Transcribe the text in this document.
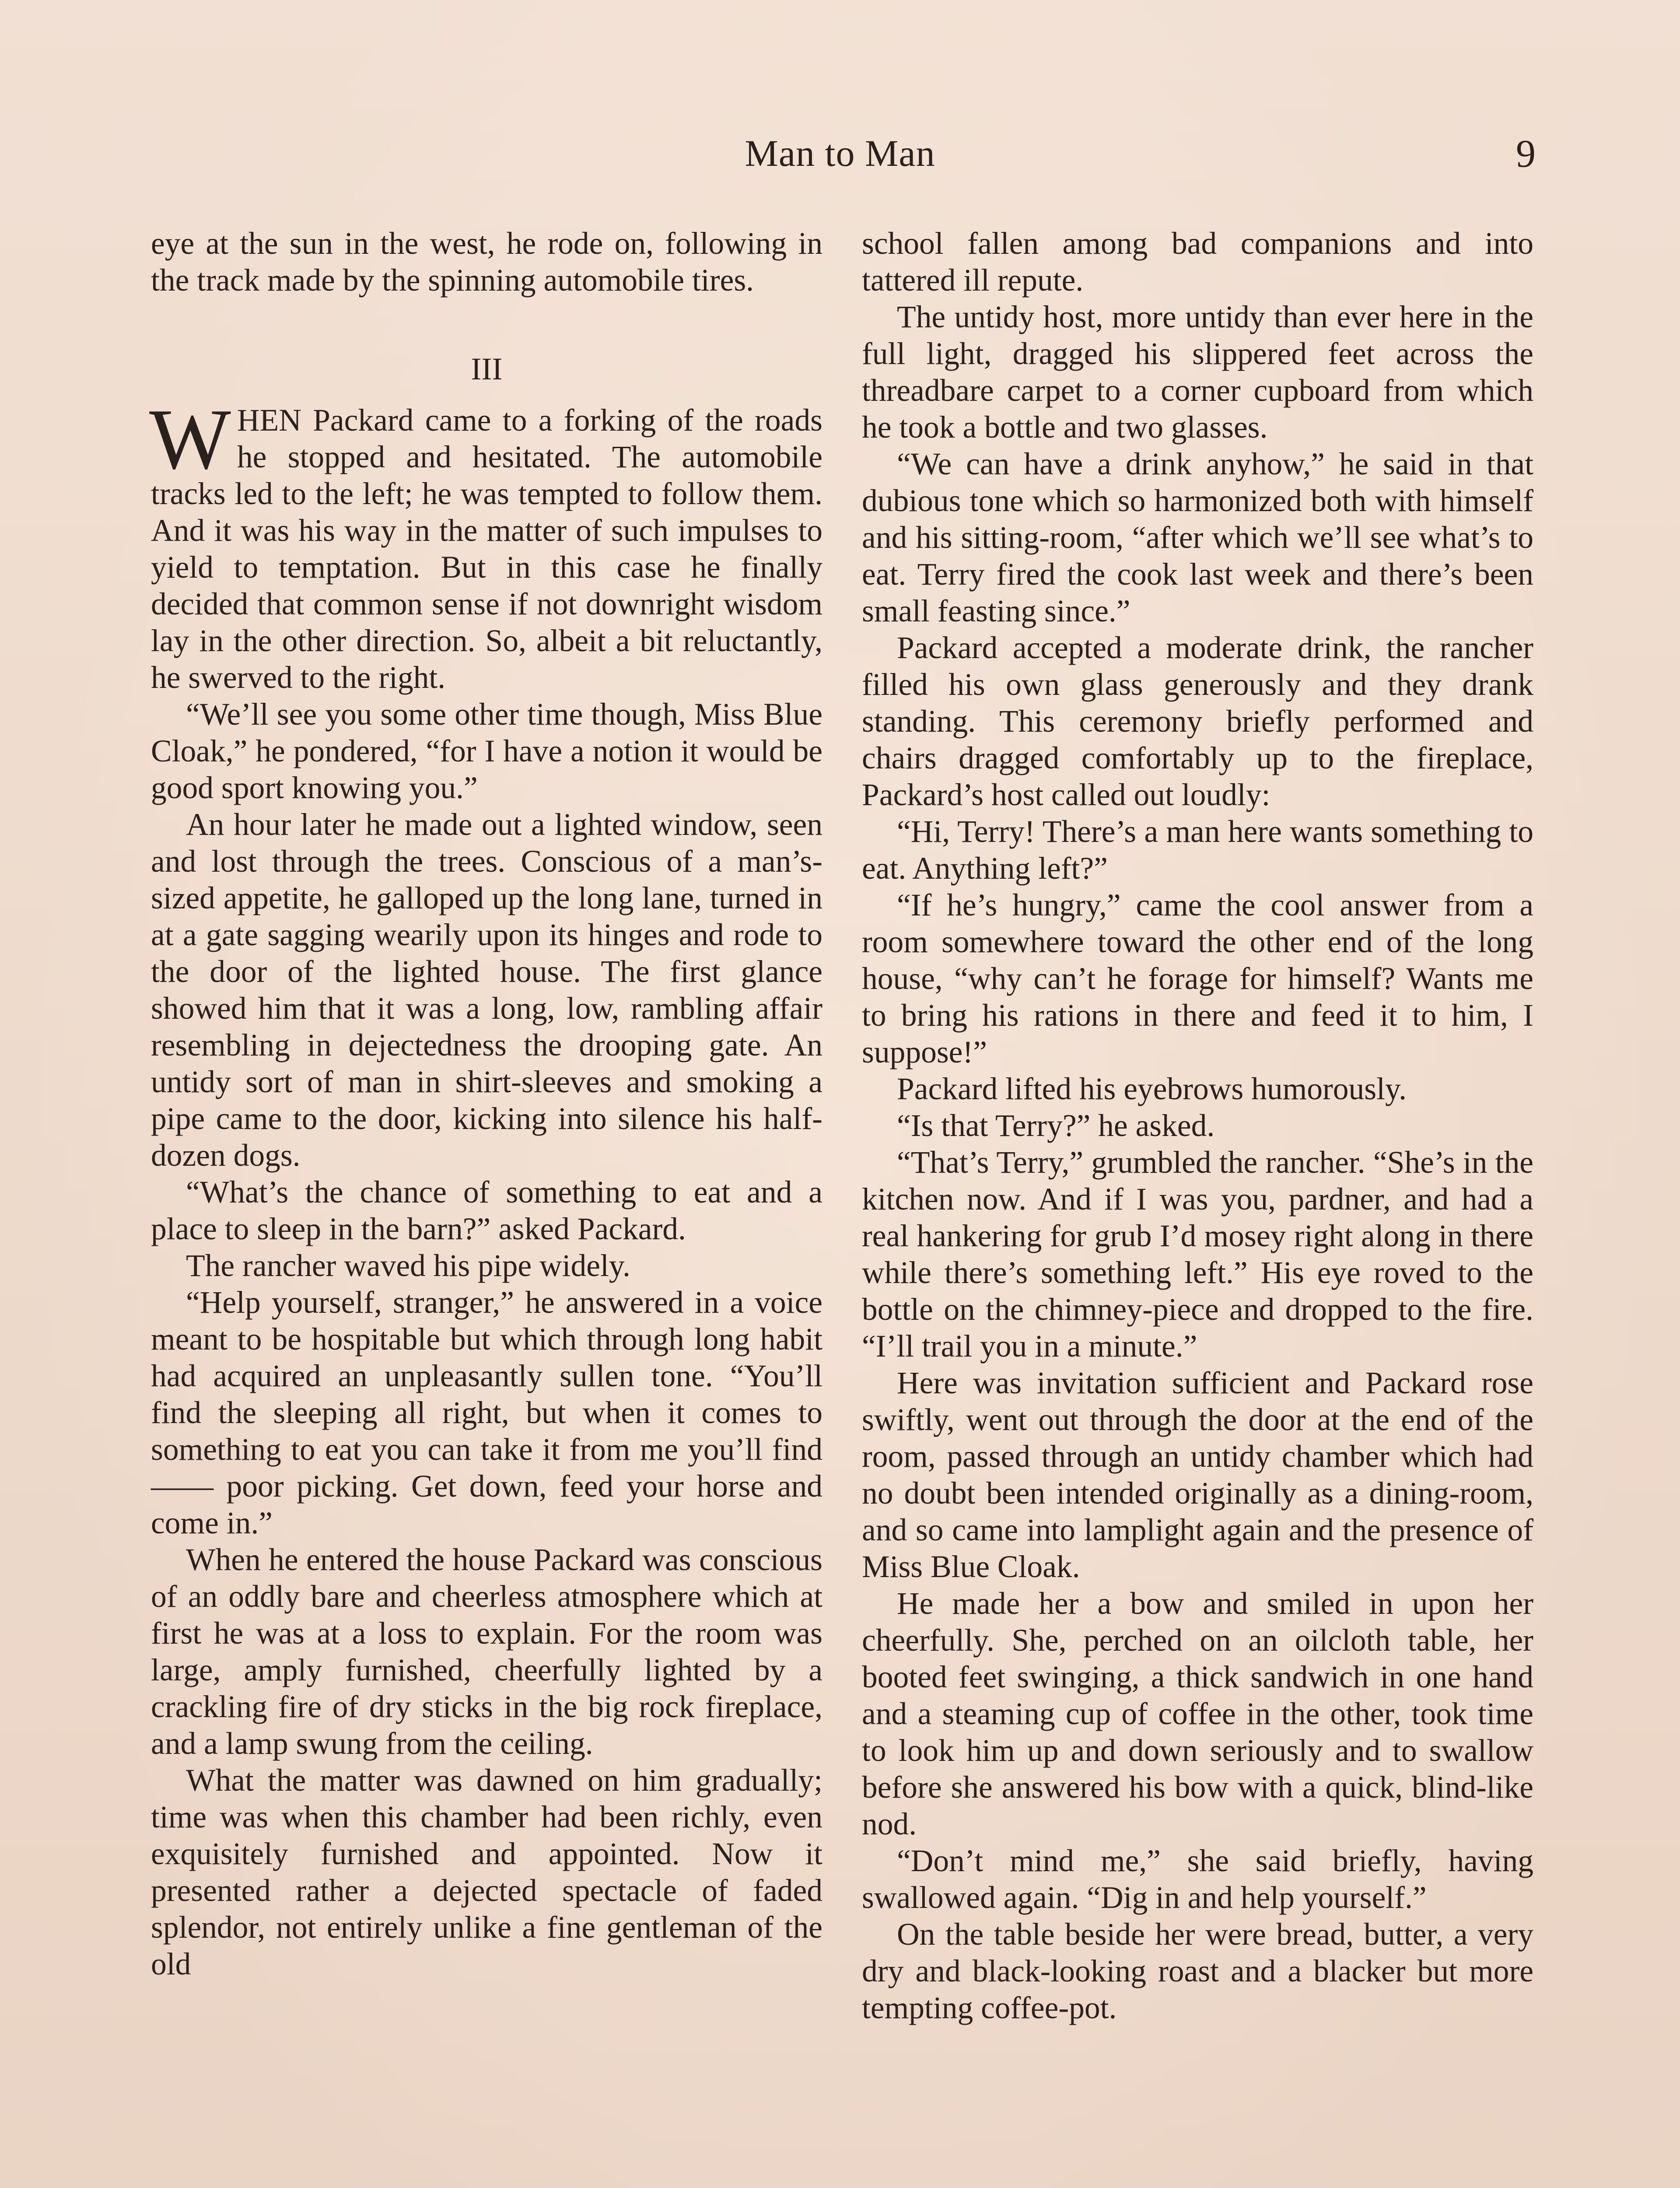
Man to Man	9

eye at the sun in the west, he rode on, following in the track made by the spinning automobile tires.

III

WHEN Packard came to a forking of the roads he stopped and hesitated. The automobile tracks led to the left; he was tempted to follow them. And it was his way in the matter of such impulses to yield to temptation. But in this case he finally decided that common sense if not downright wisdom lay in the other direction. So, albeit a bit reluctantly, he swerved to the right.

“We’ll see you some other time though, Miss Blue Cloak,” he pondered, “for I have a notion it would be good sport knowing you.”

An hour later he made out a lighted window, seen and lost through the trees. Conscious of a man’s-sized appetite, he galloped up the long lane, turned in at a gate sagging wearily upon its hinges and rode to the door of the lighted house. The first glance showed him that it was a long, low, rambling affair resembling in dejectedness the drooping gate. An untidy sort of man in shirt-sleeves and smoking a pipe came to the door, kicking into silence his half-dozen dogs.

“What’s the chance of something to eat and a place to sleep in the barn?” asked Packard.

The rancher waved his pipe widely.

“Help yourself, stranger,” he answered in a voice meant to be hospitable but which through long habit had acquired an unpleasantly sullen tone. “You’ll find the sleeping all right, but when it comes to something to eat you can take it from me you’ll find —— poor picking. Get down, feed your horse and come in.”

When he entered the house Packard was conscious of an oddly bare and cheerless atmosphere which at first he was at a loss to explain. For the room was large, amply furnished, cheerfully lighted by a crackling fire of dry sticks in the big rock fireplace, and a lamp swung from the ceiling.

What the matter was dawned on him gradually; time was when this chamber had been richly, even exquisitely furnished and appointed. Now it presented rather a dejected spectacle of faded splendor, not entirely unlike a fine gentleman of the old

school fallen among bad companions and into tattered ill repute.

The untidy host, more untidy than ever here in the full light, dragged his slippered feet across the threadbare carpet to a corner cupboard from which he took a bottle and two glasses.

“We can have a drink anyhow,” he said in that dubious tone which so harmonized both with himself and his sitting-room, “after which we’ll see what’s to eat. Terry fired the cook last week and there’s been small feasting since.”

Packard accepted a moderate drink, the rancher filled his own glass generously and they drank standing. This ceremony briefly performed and chairs dragged comfortably up to the fireplace, Packard’s host called out loudly:

“Hi, Terry! There’s a man here wants something to eat. Anything left?”

“If he’s hungry,” came the cool answer from a room somewhere toward the other end of the long house, “why can’t he forage for himself? Wants me to bring his rations in there and feed it to him, I suppose!”

Packard lifted his eyebrows humorously.

“Is that Terry?” he asked.

“That’s Terry,” grumbled the rancher. “She’s in the kitchen now. And if I was you, pardner, and had a real hankering for grub I’d mosey right along in there while there’s something left.” His eye roved to the bottle on the chimney-piece and dropped to the fire. “I’ll trail you in a minute.”

Here was invitation sufficient and Packard rose swiftly, went out through the door at the end of the room, passed through an untidy chamber which had no doubt been intended originally as a dining-room, and so came into lamplight again and the presence of Miss Blue Cloak.

He made her a bow and smiled in upon her cheerfully. She, perched on an oilcloth table, her booted feet swinging, a thick sandwich in one hand and a steaming cup of coffee in the other, took time to look him up and down seriously and to swallow before she answered his bow with a quick, blind-like nod.

“Don’t mind me,” she said briefly, having swallowed again. “Dig in and help yourself.”

On the table beside her were bread, butter, a very dry and black-looking roast and a blacker but more tempting coffee-pot.
